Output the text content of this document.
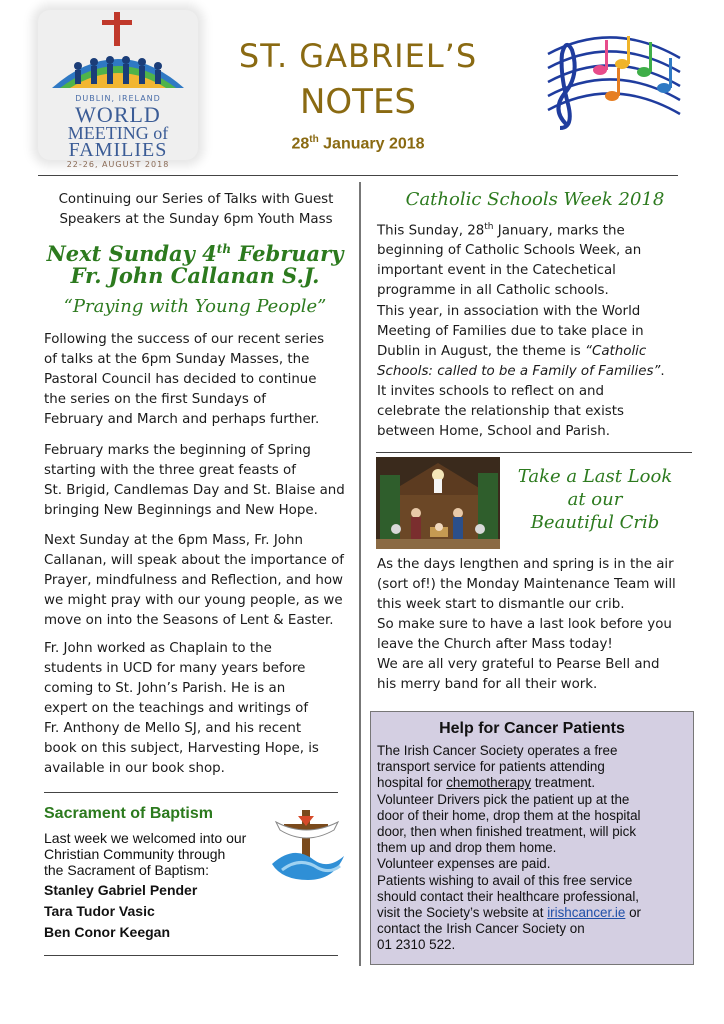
DUBLIN, IRELAND
WORLD
MEETING of
FAMILIES
22-26, AUGUST 2018
ST. GABRIEL’S
NOTES
28th January 2018
Continuing our Series of Talks with Guest
Speakers at the Sunday 6pm Youth Mass
Next Sunday 4th February
Fr. John Callanan S.J.
“Praying with Young People”
Following the success of our recent series
of talks at the 6pm Sunday Masses, the
Pastoral Council has decided to continue
the series on the first Sundays of
February and March and perhaps further.
February marks the beginning of Spring
starting with the three great feasts of
St. Brigid, Candlemas Day and St. Blaise and
bringing New Beginnings and New Hope.
Next Sunday at the 6pm Mass, Fr. John
Callanan, will speak about the importance of
Prayer, mindfulness and Reflection, and how
we might pray with our young people, as we
move on into the Seasons of Lent & Easter.
Fr. John worked as Chaplain to the
students in UCD for many years before
coming to St. John’s Parish. He is an
expert on the teachings and writings of
Fr. Anthony de Mello SJ, and his recent
book on this subject, Harvesting Hope, is
available in our book shop.
Sacrament of Baptism
Last week we welcomed into our
Christian Community through
the Sacrament of Baptism:
Stanley Gabriel Pender
Tara Tudor Vasic
Ben Conor Keegan
Catholic Schools Week 2018
This Sunday, 28th January, marks the
beginning of Catholic Schools Week, an
important event in the Catechetical
programme in all Catholic schools.
This year, in association with the World
Meeting of Families due to take place in
Dublin in August, the theme is “Catholic
Schools: called to be a Family of Families”.
It invites schools to reflect on and
celebrate the relationship that exists
between Home, School and Parish.
Take a Last Look
at our
Beautiful Crib
As the days lengthen and spring is in the air
(sort of!) the Monday Maintenance Team will
this week start to dismantle our crib.
So make sure to have a last look before you
leave the Church after Mass today!
We are all very grateful to Pearse Bell and
his merry band for all their work.
Help for Cancer Patients
The Irish Cancer Society operates a free
transport service for patients attending
hospital for chemotherapy treatment.
Volunteer Drivers pick the patient up at the
door of their home, drop them at the hospital
door, then when finished treatment, will pick
them up and drop them home.
Volunteer expenses are paid.
Patients wishing to avail of this free service
should contact their healthcare professional,
visit the Society’s website at irishcancer.ie or
contact the Irish Cancer Society on
01 2310 522.
